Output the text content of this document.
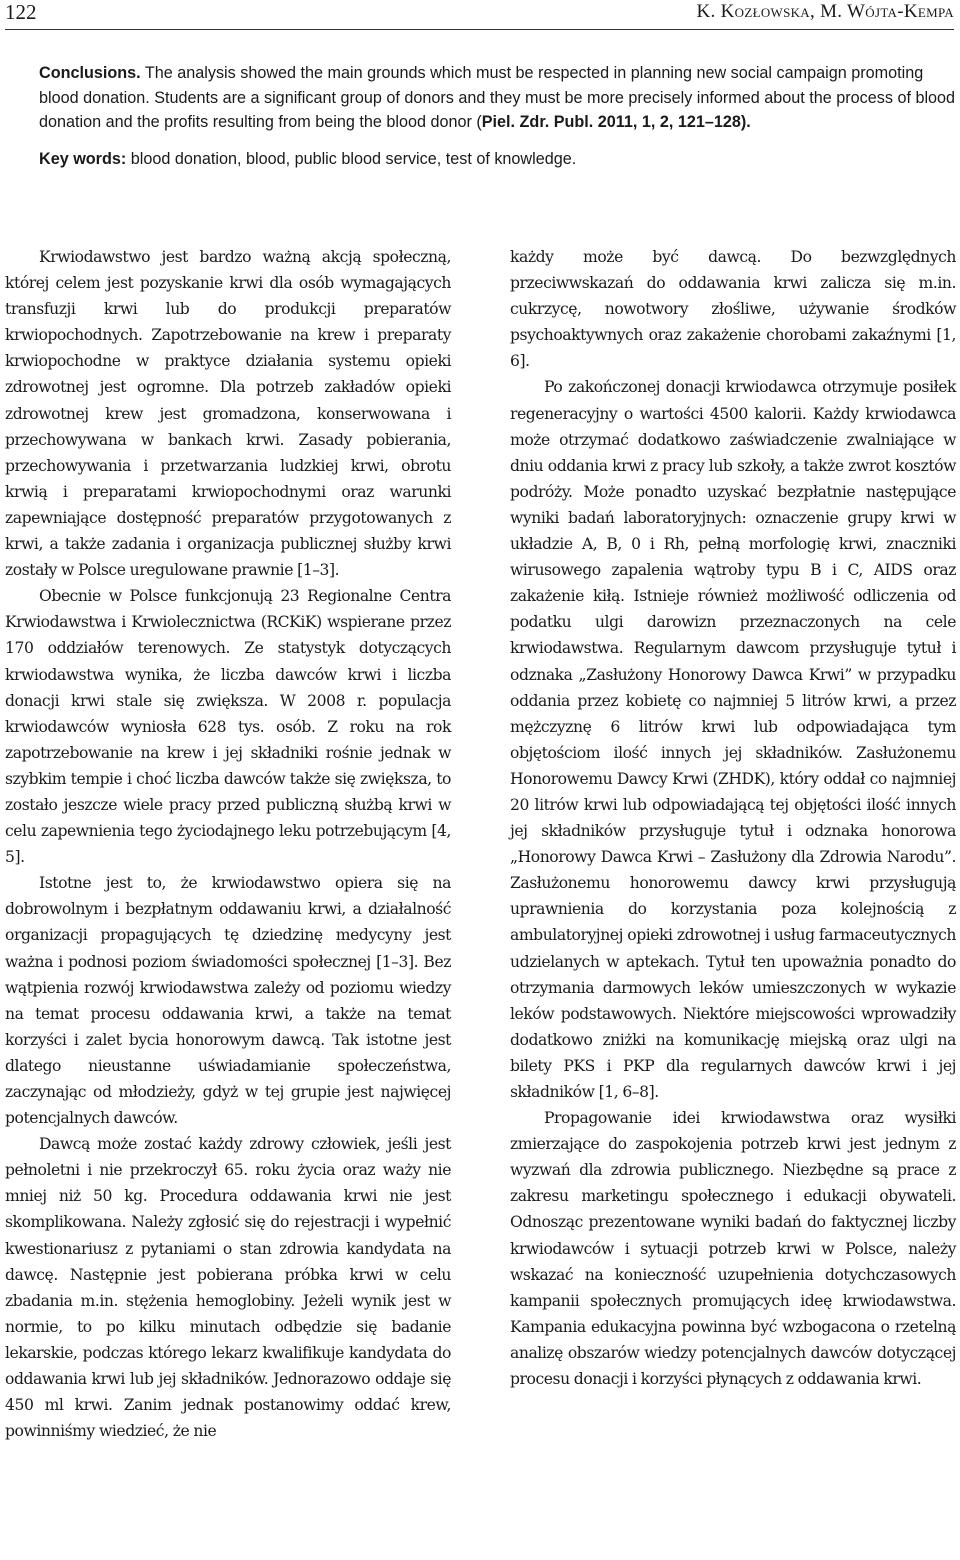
122	K. Kozłowska, M. Wójta-Kempa

Conclusions. The analysis showed the main grounds which must be respected in planning new social campaign promoting blood donation. Students are a significant group of donors and they must be more precisely informed about the process of blood donation and the profits resulting from being the blood donor (Piel. Zdr. Publ. 2011, 1, 2, 121–128).

Key words: blood donation, blood, public blood service, test of knowledge.

Krwiodawstwo jest bardzo ważną akcją społeczną, której celem jest pozyskanie krwi dla osób wymagających transfuzji krwi lub do produkcji preparatów krwiopochodnych. Zapotrzebowanie na krew i preparaty krwiopochodne w praktyce działania systemu opieki zdrowotnej jest ogromne. Dla potrzeb zakładów opieki zdrowotnej krew jest gromadzona, konserwowana i przechowywana w bankach krwi. Zasady pobierania, przechowywania i przetwarzania ludzkiej krwi, obrotu krwią i preparatami krwiopochodnymi oraz warunki zapewniające dostępność preparatów przygotowanych z krwi, a także zadania i organizacja publicznej służby krwi zostały w Polsce uregulowane prawnie [1–3].

Obecnie w Polsce funkcjonują 23 Regionalne Centra Krwiodawstwa i Krwiolecznictwa (RCKiK) wspierane przez 170 oddziałów terenowych. Ze statystyk dotyczących krwiodawstwa wynika, że liczba dawców krwi i liczba donacji krwi stale się zwiększa. W 2008 r. populacja krwiodawców wyniosła 628 tys. osób. Z roku na rok zapotrzebowanie na krew i jej składniki rośnie jednak w szybkim tempie i choć liczba dawców także się zwiększa, to zostało jeszcze wiele pracy przed publiczną służbą krwi w celu zapewnienia tego życiodajnego leku potrzebującym [4, 5].

Istotne jest to, że krwiodawstwo opiera się na dobrowolnym i bezpłatnym oddawaniu krwi, a działalność organizacji propagujących tę dziedzinę medycyny jest ważna i podnosi poziom świadomości społecznej [1–3]. Bez wątpienia rozwój krwiodawstwa zależy od poziomu wiedzy na temat procesu oddawania krwi, a także na temat korzyści i zalet bycia honorowym dawcą. Tak istotne jest dlatego nieustanne uświadamianie społeczeństwa, zaczynając od młodzieży, gdyż w tej grupie jest najwięcej potencjalnych dawców.

Dawcą może zostać każdy zdrowy człowiek, jeśli jest pełnoletni i nie przekroczył 65. roku życia oraz waży nie mniej niż 50 kg. Procedura oddawania krwi nie jest skomplikowana. Należy zgłosić się do rejestracji i wypełnić kwestionariusz z pytaniami o stan zdrowia kandydata na dawcę. Następnie jest pobierana próbka krwi w celu zbadania m.in. stężenia hemoglobiny. Jeżeli wynik jest w normie, to po kilku minutach odbędzie się badanie lekarskie, podczas którego lekarz kwalifikuje kandydata do oddawania krwi lub jej składników. Jednorazowo oddaje się 450 ml krwi. Zanim jednak postanowimy oddać krew, powinniśmy wiedzieć, że nie

każdy może być dawcą. Do bezwzględnych przeciwwskazań do oddawania krwi zalicza się m.in. cukrzycę, nowotwory złośliwe, używanie środków psychoaktywnych oraz zakażenie chorobami zakaźnymi [1, 6].

Po zakończonej donacji krwiodawca otrzymuje posiłek regeneracyjny o wartości 4500 kalorii. Każdy krwiodawca może otrzymać dodatkowo zaświadczenie zwalniające w dniu oddania krwi z pracy lub szkoły, a także zwrot kosztów podróży. Może ponadto uzyskać bezpłatnie następujące wyniki badań laboratoryjnych: oznaczenie grupy krwi w układzie A, B, 0 i Rh, pełną morfologię krwi, znaczniki wirusowego zapalenia wątroby typu B i C, AIDS oraz zakażenie kiłą. Istnieje również możliwość odliczenia od podatku ulgi darowizn przeznaczonych na cele krwiodawstwa. Regularnym dawcom przysługuje tytuł i odznaka „Zasłużony Honorowy Dawca Krwi” w przypadku oddania przez kobietę co najmniej 5 litrów krwi, a przez mężczyznę 6 litrów krwi lub odpowiadająca tym objętościom ilość innych jej składników. Zasłużonemu Honorowemu Dawcy Krwi (ZHDK), który oddał co najmniej 20 litrów krwi lub odpowiadającą tej objętości ilość innych jej składników przysługuje tytuł i odznaka honorowa „Honorowy Dawca Krwi – Zasłużony dla Zdrowia Narodu”. Zasłużonemu honorowemu dawcy krwi przysługują uprawnienia do korzystania poza kolejnością z ambulatoryjnej opieki zdrowotnej i usług farmaceutycznych udzielanych w aptekach. Tytuł ten upoważnia ponadto do otrzymania darmowych leków umieszczonych w wykazie leków podstawowych. Niektóre miejscowości wprowadziły dodatkowo zniżki na komunikację miejską oraz ulgi na bilety PKS i PKP dla regularnych dawców krwi i jej składników [1, 6–8].

Propagowanie idei krwiodawstwa oraz wysiłki zmierzające do zaspokojenia potrzeb krwi jest jednym z wyzwań dla zdrowia publicznego. Niezbędne są prace z zakresu marketingu społecznego i edukacji obywateli. Odnosząc prezentowane wyniki badań do faktycznej liczby krwiodawców i sytuacji potrzeb krwi w Polsce, należy wskazać na konieczność uzupełnienia dotychczasowych kampanii społecznych promujących ideę krwiodawstwa. Kampania edukacyjna powinna być wzbogacona o rzetelną analizę obszarów wiedzy potencjalnych dawców dotyczącej procesu donacji i korzyści płynących z oddawania krwi.
